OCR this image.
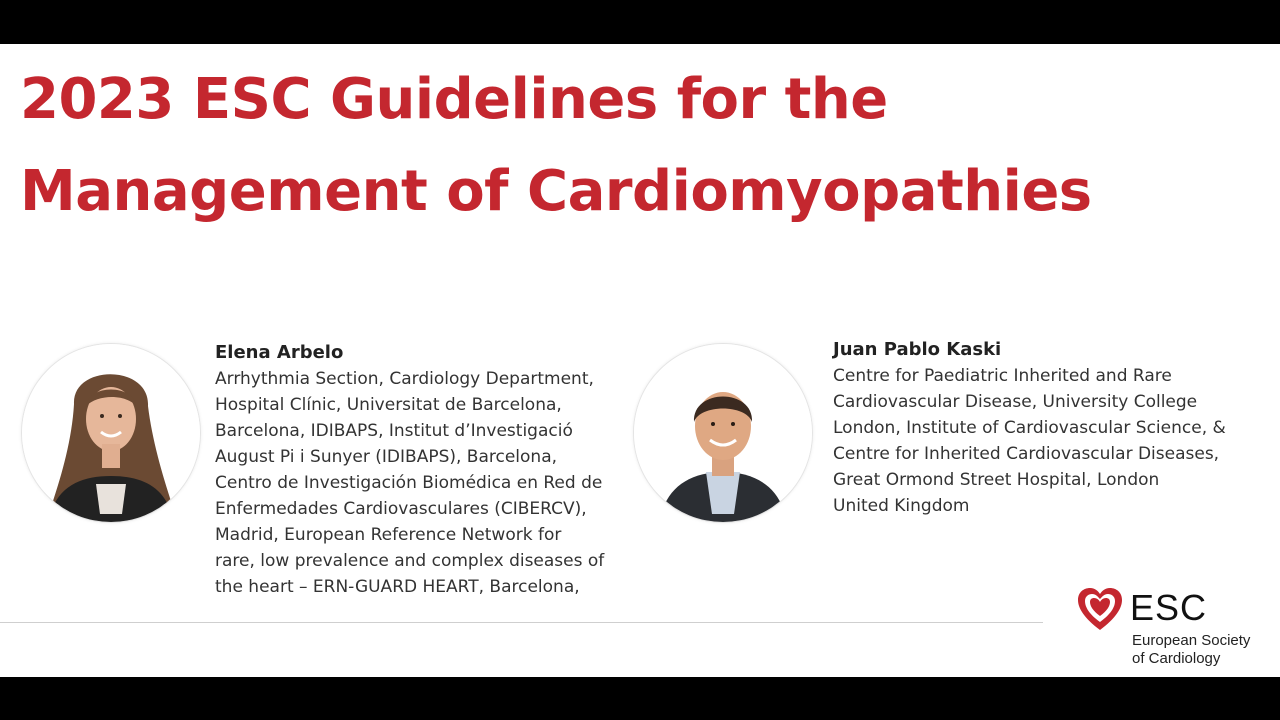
2023 ESC Guidelines for the
Management of Cardiomyopathies
Elena Arbelo
Arrhythmia Section, Cardiology Department,
Hospital Clínic, Universitat de Barcelona,
Barcelona, IDIBAPS, Institut d’Investigació
August Pi i Sunyer (IDIBAPS), Barcelona,
Centro de Investigación Biomédica en Red de
Enfermedades Cardiovasculares (CIBERCV),
Madrid, European Reference Network for
rare, low prevalence and complex diseases of
the heart – ERN-GUARD HEART, Barcelona,
Juan Pablo Kaski
Centre for Paediatric Inherited and Rare
Cardiovascular Disease, University College
London, Institute of Cardiovascular Science, &
Centre for Inherited Cardiovascular Diseases,
Great Ormond Street Hospital, London
United Kingdom
ESC
European Society
of Cardiology
